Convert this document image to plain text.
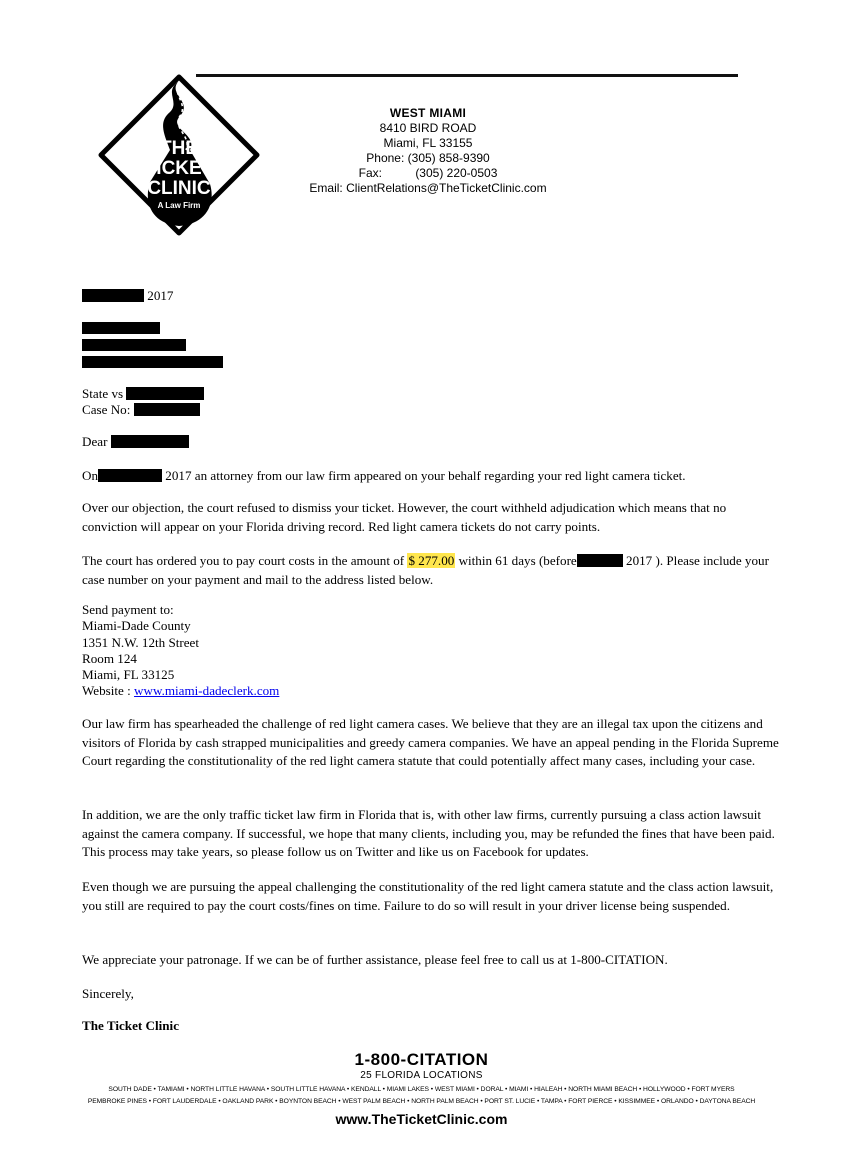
THE
TICKET
CLINIC
A Law Firm
WEST MIAMI
8410 BIRD ROAD
Miami, FL 33155
Phone: (305) 858-9390
Fax:	(305) 220-0503
Email: ClientRelations@TheTicketClinic.com
2017
State vs
Case No:
Dear
On	2017 an attorney from our law firm appeared on your behalf regarding your red light camera ticket.
Over our objection, the court refused to dismiss your ticket. However, the court withheld adjudication which means that no conviction will appear on your Florida driving record. Red light camera tickets do not carry points.
The court has ordered you to pay court costs in the amount of $ 277.00 within 61 days (before	2017 ). Please include your case number on your payment and mail to the address listed below.
Send payment to:
Miami-Dade County
1351 N.W. 12th Street
Room 124
Miami, FL 33125
Website : www.miami-dadeclerk.com
Our law firm has spearheaded the challenge of red light camera cases. We believe that they are an illegal tax upon the citizens and visitors of Florida by cash strapped municipalities and greedy camera companies. We have an appeal pending in the Florida Supreme Court regarding the constitutionality of the red light camera statute that could potentially affect many cases, including your case.
In addition, we are the only traffic ticket law firm in Florida that is, with other law firms, currently pursuing a class action lawsuit against the camera company. If successful, we hope that many clients, including you, may be refunded the fines that have been paid. This process may take years, so please follow us on Twitter and like us on Facebook for updates.
Even though we are pursuing the appeal challenging the constitutionality of the red light camera statute and the class action lawsuit, you still are required to pay the court costs/fines on time. Failure to do so will result in your driver license being suspended.
We appreciate your patronage. If we can be of further assistance, please feel free to call us at 1-800-CITATION.
Sincerely,
The Ticket Clinic
1-800-CITATION
25 FLORIDA LOCATIONS
SOUTH DADE • TAMIAMI • NORTH LITTLE HAVANA • SOUTH LITTLE HAVANA • KENDALL • MIAMI LAKES • WEST MIAMI • DORAL • MIAMI • HIALEAH • NORTH MIAMI BEACH • HOLLYWOOD • FORT MYERS
PEMBROKE PINES • FORT LAUDERDALE • OAKLAND PARK • BOYNTON BEACH • WEST PALM BEACH • NORTH PALM BEACH • PORT ST. LUCIE • TAMPA • FORT PIERCE • KISSIMMEE • ORLANDO • DAYTONA BEACH
www.TheTicketClinic.com
